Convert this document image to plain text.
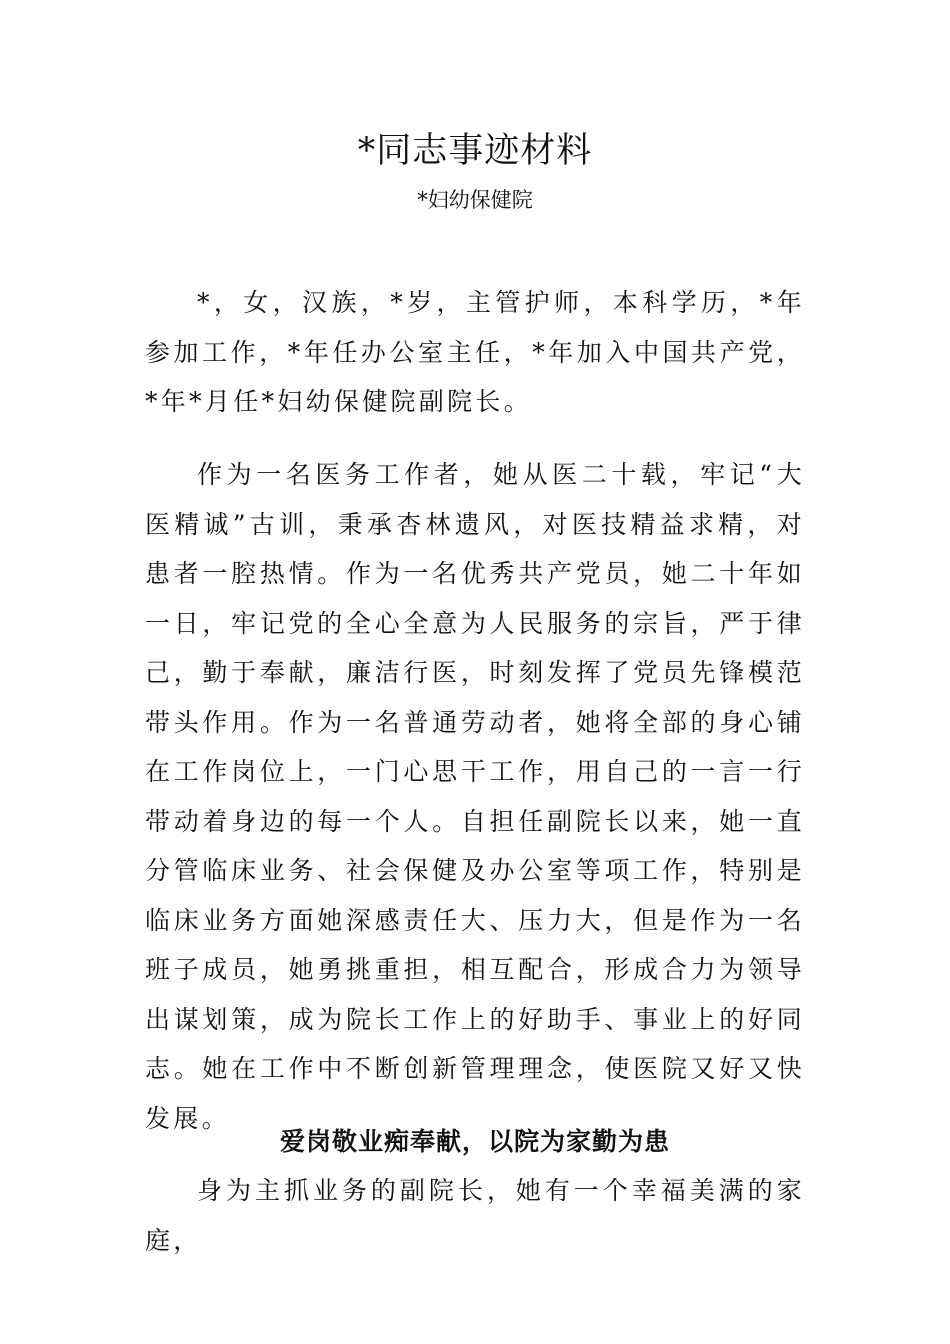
*同志事迹材料
*妇幼保健院

*，女，汉族，*岁，主管护师，本科学历，*年参加工作，*年任办公室主任，*年加入中国共产党， *年*月任*妇幼保健院副院长。

作为一名医务工作者，她从医二十载，牢记“大医精诚”古训，秉承杏林遗风，对医技精益求精，对患者一腔热情。作为一名优秀共产党员，她二十年如一日，牢记党的全心全意为人民服务的宗旨，严于律己，勤于奉献，廉洁行医，时刻发挥了党员先锋模范带头作用。作为一名普通劳动者，她将全部的身心铺在工作岗位上，一门心思干工作，用自己的一言一行带动着身边的每一个人。自担任副院长以来，她一直分管临床业务、社会保健及办公室等项工作，特别是临床业务方面她深感责任大、压力大，但是作为一名班子成员，她勇挑重担，相互配合，形成合力为领导出谋划策，成为院长工作上的好助手、事业上的好同志。她在工作中不断创新管理理念，使医院又好又快发展。

爱岗敬业痴奉献，以院为家勤为患

身为主抓业务的副院长，她有一个幸福美满的家庭，
